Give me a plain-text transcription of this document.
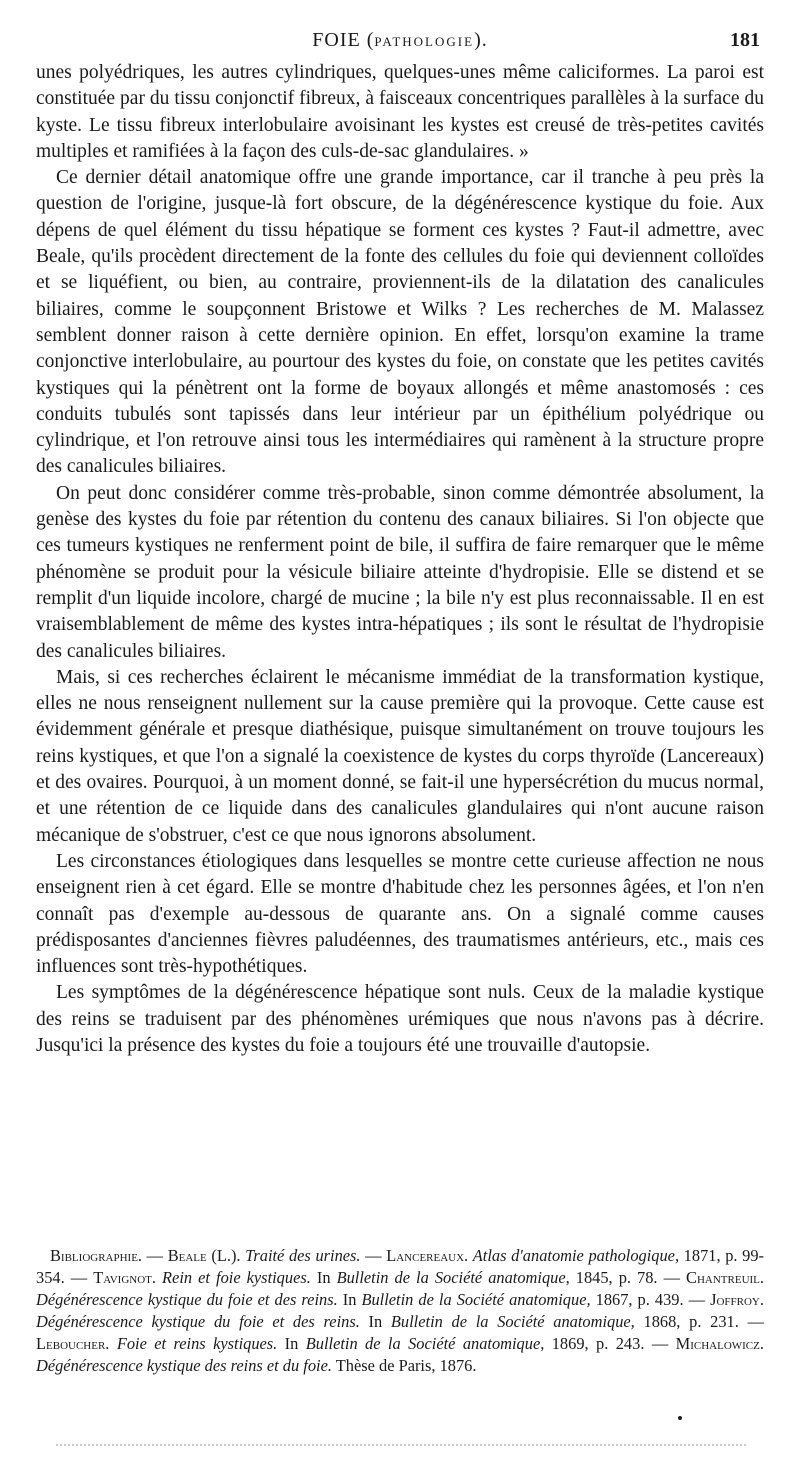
FOIE (PATHOLOGIE).	181

unes polyédriques, les autres cylindriques, quelques-unes même caliciformes. La paroi est constituée par du tissu conjonctif fibreux, à faisceaux concentriques parallèles à la surface du kyste. Le tissu fibreux interlobulaire avoisinant les kystes est creusé de très-petites cavités multiples et ramifiées à la façon des culs-de-sac glandulaires. »

Ce dernier détail anatomique offre une grande importance, car il tranche à peu près la question de l'origine, jusque-là fort obscure, de la dégénérescence kystique du foie. Aux dépens de quel élément du tissu hépatique se forment ces kystes ? Faut-il admettre, avec Beale, qu'ils procèdent directement de la fonte des cellules du foie qui deviennent colloïdes et se liquéfient, ou bien, au contraire, proviennent-ils de la dilatation des canalicules biliaires, comme le soupçonnent Bristowe et Wilks ? Les recherches de M. Malassez semblent donner raison à cette dernière opinion. En effet, lorsqu'on examine la trame conjonctive interlobulaire, au pourtour des kystes du foie, on constate que les petites cavités kystiques qui la pénètrent ont la forme de boyaux allongés et même anastomosés : ces conduits tubulés sont tapissés dans leur intérieur par un épithélium polyédrique ou cylindrique, et l'on retrouve ainsi tous les intermédiaires qui ramènent à la structure propre des canalicules biliaires.

On peut donc considérer comme très-probable, sinon comme démontrée absolument, la genèse des kystes du foie par rétention du contenu des canaux biliaires. Si l'on objecte que ces tumeurs kystiques ne renferment point de bile, il suffira de faire remarquer que le même phénomène se produit pour la vésicule biliaire atteinte d'hydropisie. Elle se distend et se remplit d'un liquide incolore, chargé de mucine ; la bile n'y est plus reconnaissable. Il en est vraisemblablement de même des kystes intra-hépatiques ; ils sont le résultat de l'hydropisie des canalicules biliaires.

Mais, si ces recherches éclairent le mécanisme immédiat de la transformation kystique, elles ne nous renseignent nullement sur la cause première qui la provoque. Cette cause est évidemment générale et presque diathésique, puisque simultanément on trouve toujours les reins kystiques, et que l'on a signalé la coexistence de kystes du corps thyroïde (Lancereaux) et des ovaires. Pourquoi, à un moment donné, se fait-il une hypersécrétion du mucus normal, et une rétention de ce liquide dans des canalicules glandulaires qui n'ont aucune raison mécanique de s'obstruer, c'est ce que nous ignorons absolument.

Les circonstances étiologiques dans lesquelles se montre cette curieuse affection ne nous enseignent rien à cet égard. Elle se montre d'habitude chez les personnes âgées, et l'on n'en connaît pas d'exemple au-dessous de quarante ans. On a signalé comme causes prédisposantes d'anciennes fièvres paludéennes, des traumatismes antérieurs, etc., mais ces influences sont très-hypothétiques.

Les symptômes de la dégénérescence hépatique sont nuls. Ceux de la maladie kystique des reins se traduisent par des phénomènes urémiques que nous n'avons pas à décrire. Jusqu'ici la présence des kystes du foie a toujours été une trouvaille d'autopsie.

Bibliographie. — Beale (L.). Traité des urines. — Lancereaux. Atlas d'anatomie pathologique, 1871, p. 99-354. — Tavignot. Rein et foie kystiques. In Bulletin de la Société anatomique, 1845, p. 78. — Chantreuil. Dégénérescence kystique du foie et des reins. In Bulletin de la Société anatomique, 1867, p. 439. — Joffroy. Dégénérescence kystique du foie et des reins. In Bulletin de la Société anatomique, 1868, p. 231. — Leboucher. Foie et reins kystiques. In Bulletin de la Société anatomique, 1869, p. 243. — Michalowicz. Dégénérescence kystique des reins et du foie. Thèse de Paris, 1876.
